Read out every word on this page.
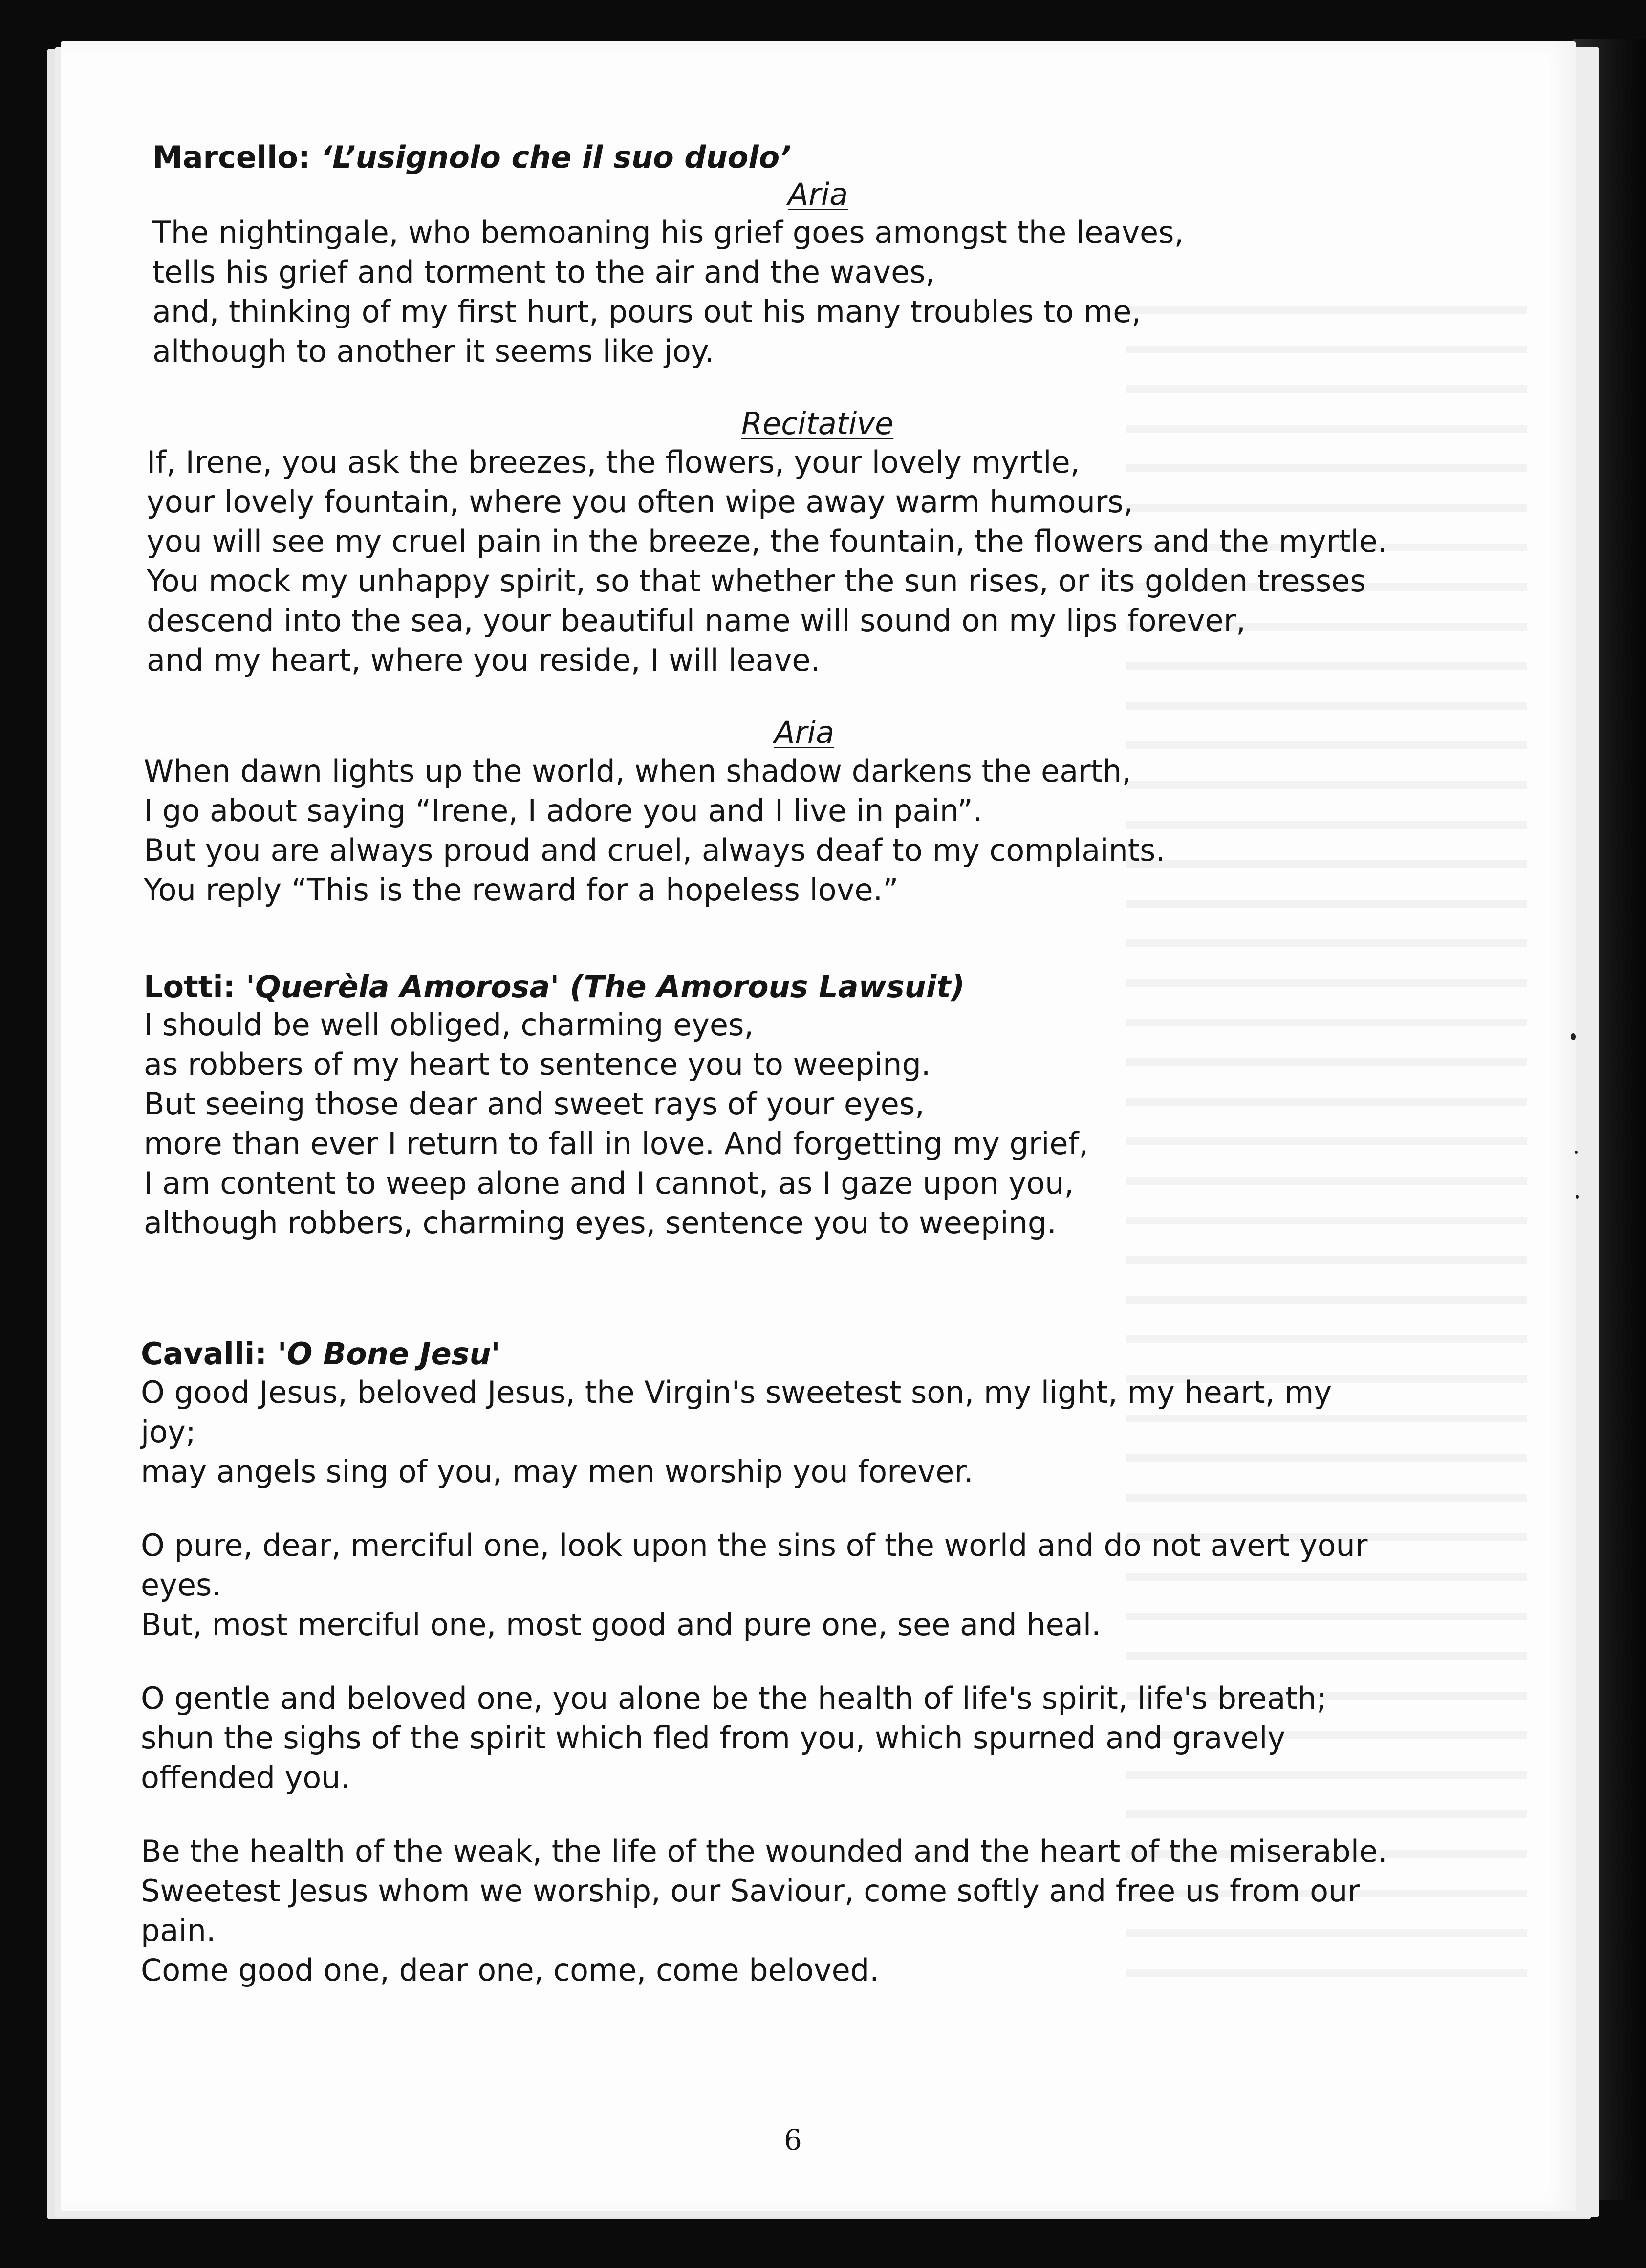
Marcello: ‘L’usignolo che il suo duolo’

Aria

The nightingale, who bemoaning his grief goes amongst the leaves,

tells his grief and torment to the air and the waves,

and, thinking of my first hurt, pours out his many troubles to me,

although to another it seems like joy.

Recitative

If, Irene, you ask the breezes, the flowers, your lovely myrtle,

your lovely fountain, where you often wipe away warm humours,

you will see my cruel pain in the breeze, the fountain, the flowers and the myrtle.

You mock my unhappy spirit, so that whether the sun rises, or its golden tresses

descend into the sea, your beautiful name will sound on my lips forever,

and my heart, where you reside, I will leave.

Aria

When dawn lights up the world, when shadow darkens the earth,

I go about saying “Irene, I adore you and I live in pain”.

But you are always proud and cruel, always deaf to my complaints.

You reply “This is the reward for a hopeless love.”

Lotti: 'Querèla Amorosa' (The Amorous Lawsuit)

I should be well obliged, charming eyes,

as robbers of my heart to sentence you to weeping.

But seeing those dear and sweet rays of your eyes,

more than ever I return to fall in love. And forgetting my grief,

I am content to weep alone and I cannot, as I gaze upon you,

although robbers, charming eyes, sentence you to weeping.

Cavalli: 'O Bone Jesu'

O good Jesus, beloved Jesus, the Virgin's sweetest son, my light, my heart, my

joy;

may angels sing of you, may men worship you forever.

O pure, dear, merciful one, look upon the sins of the world and do not avert your

eyes.

But, most merciful one, most good and pure one, see and heal.

O gentle and beloved one, you alone be the health of life's spirit, life's breath;

shun the sighs of the spirit which fled from you, which spurned and gravely

offended you.

Be the health of the weak, the life of the wounded and the heart of the miserable.

Sweetest Jesus whom we worship, our Saviour, come softly and free us from our

pain.

Come good one, dear one, come, come beloved.

6
